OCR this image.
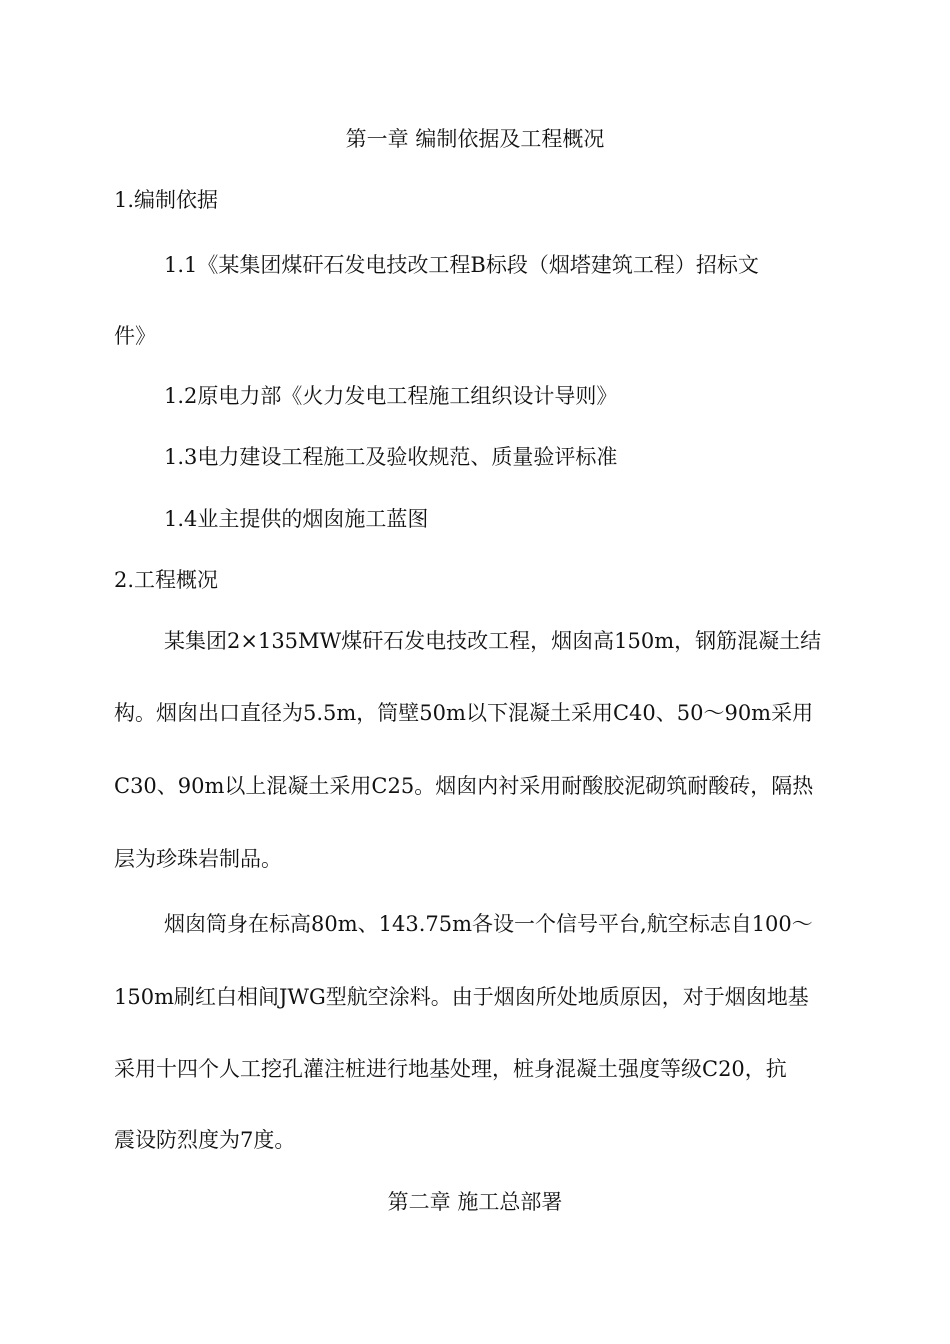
第一章 编制依据及工程概况

1.编制依据

1.1《某集团煤矸石发电技改工程B标段（烟塔建筑工程）招标文

件》

1.2原电力部《火力发电工程施工组织设计导则》

1.3电力建设工程施工及验收规范、质量验评标准

1.4业主提供的烟囱施工蓝图

2.工程概况

某集团2×135MW煤矸石发电技改工程，烟囱高150m，钢筋混凝土结

构。烟囱出口直径为5.5m，筒壁50m以下混凝土采用C40、50～90m采用

C30、90m以上混凝土采用C25。烟囱内衬采用耐酸胶泥砌筑耐酸砖，隔热

层为珍珠岩制品。

烟囱筒身在标高80m、143.75m各设一个信号平台,航空标志自100～

150m刷红白相间JWG型航空涂料。由于烟囱所处地质原因，对于烟囱地基

采用十四个人工挖孔灌注桩进行地基处理，桩身混凝土强度等级C20，抗

震设防烈度为7度。

第二章 施工总部署
